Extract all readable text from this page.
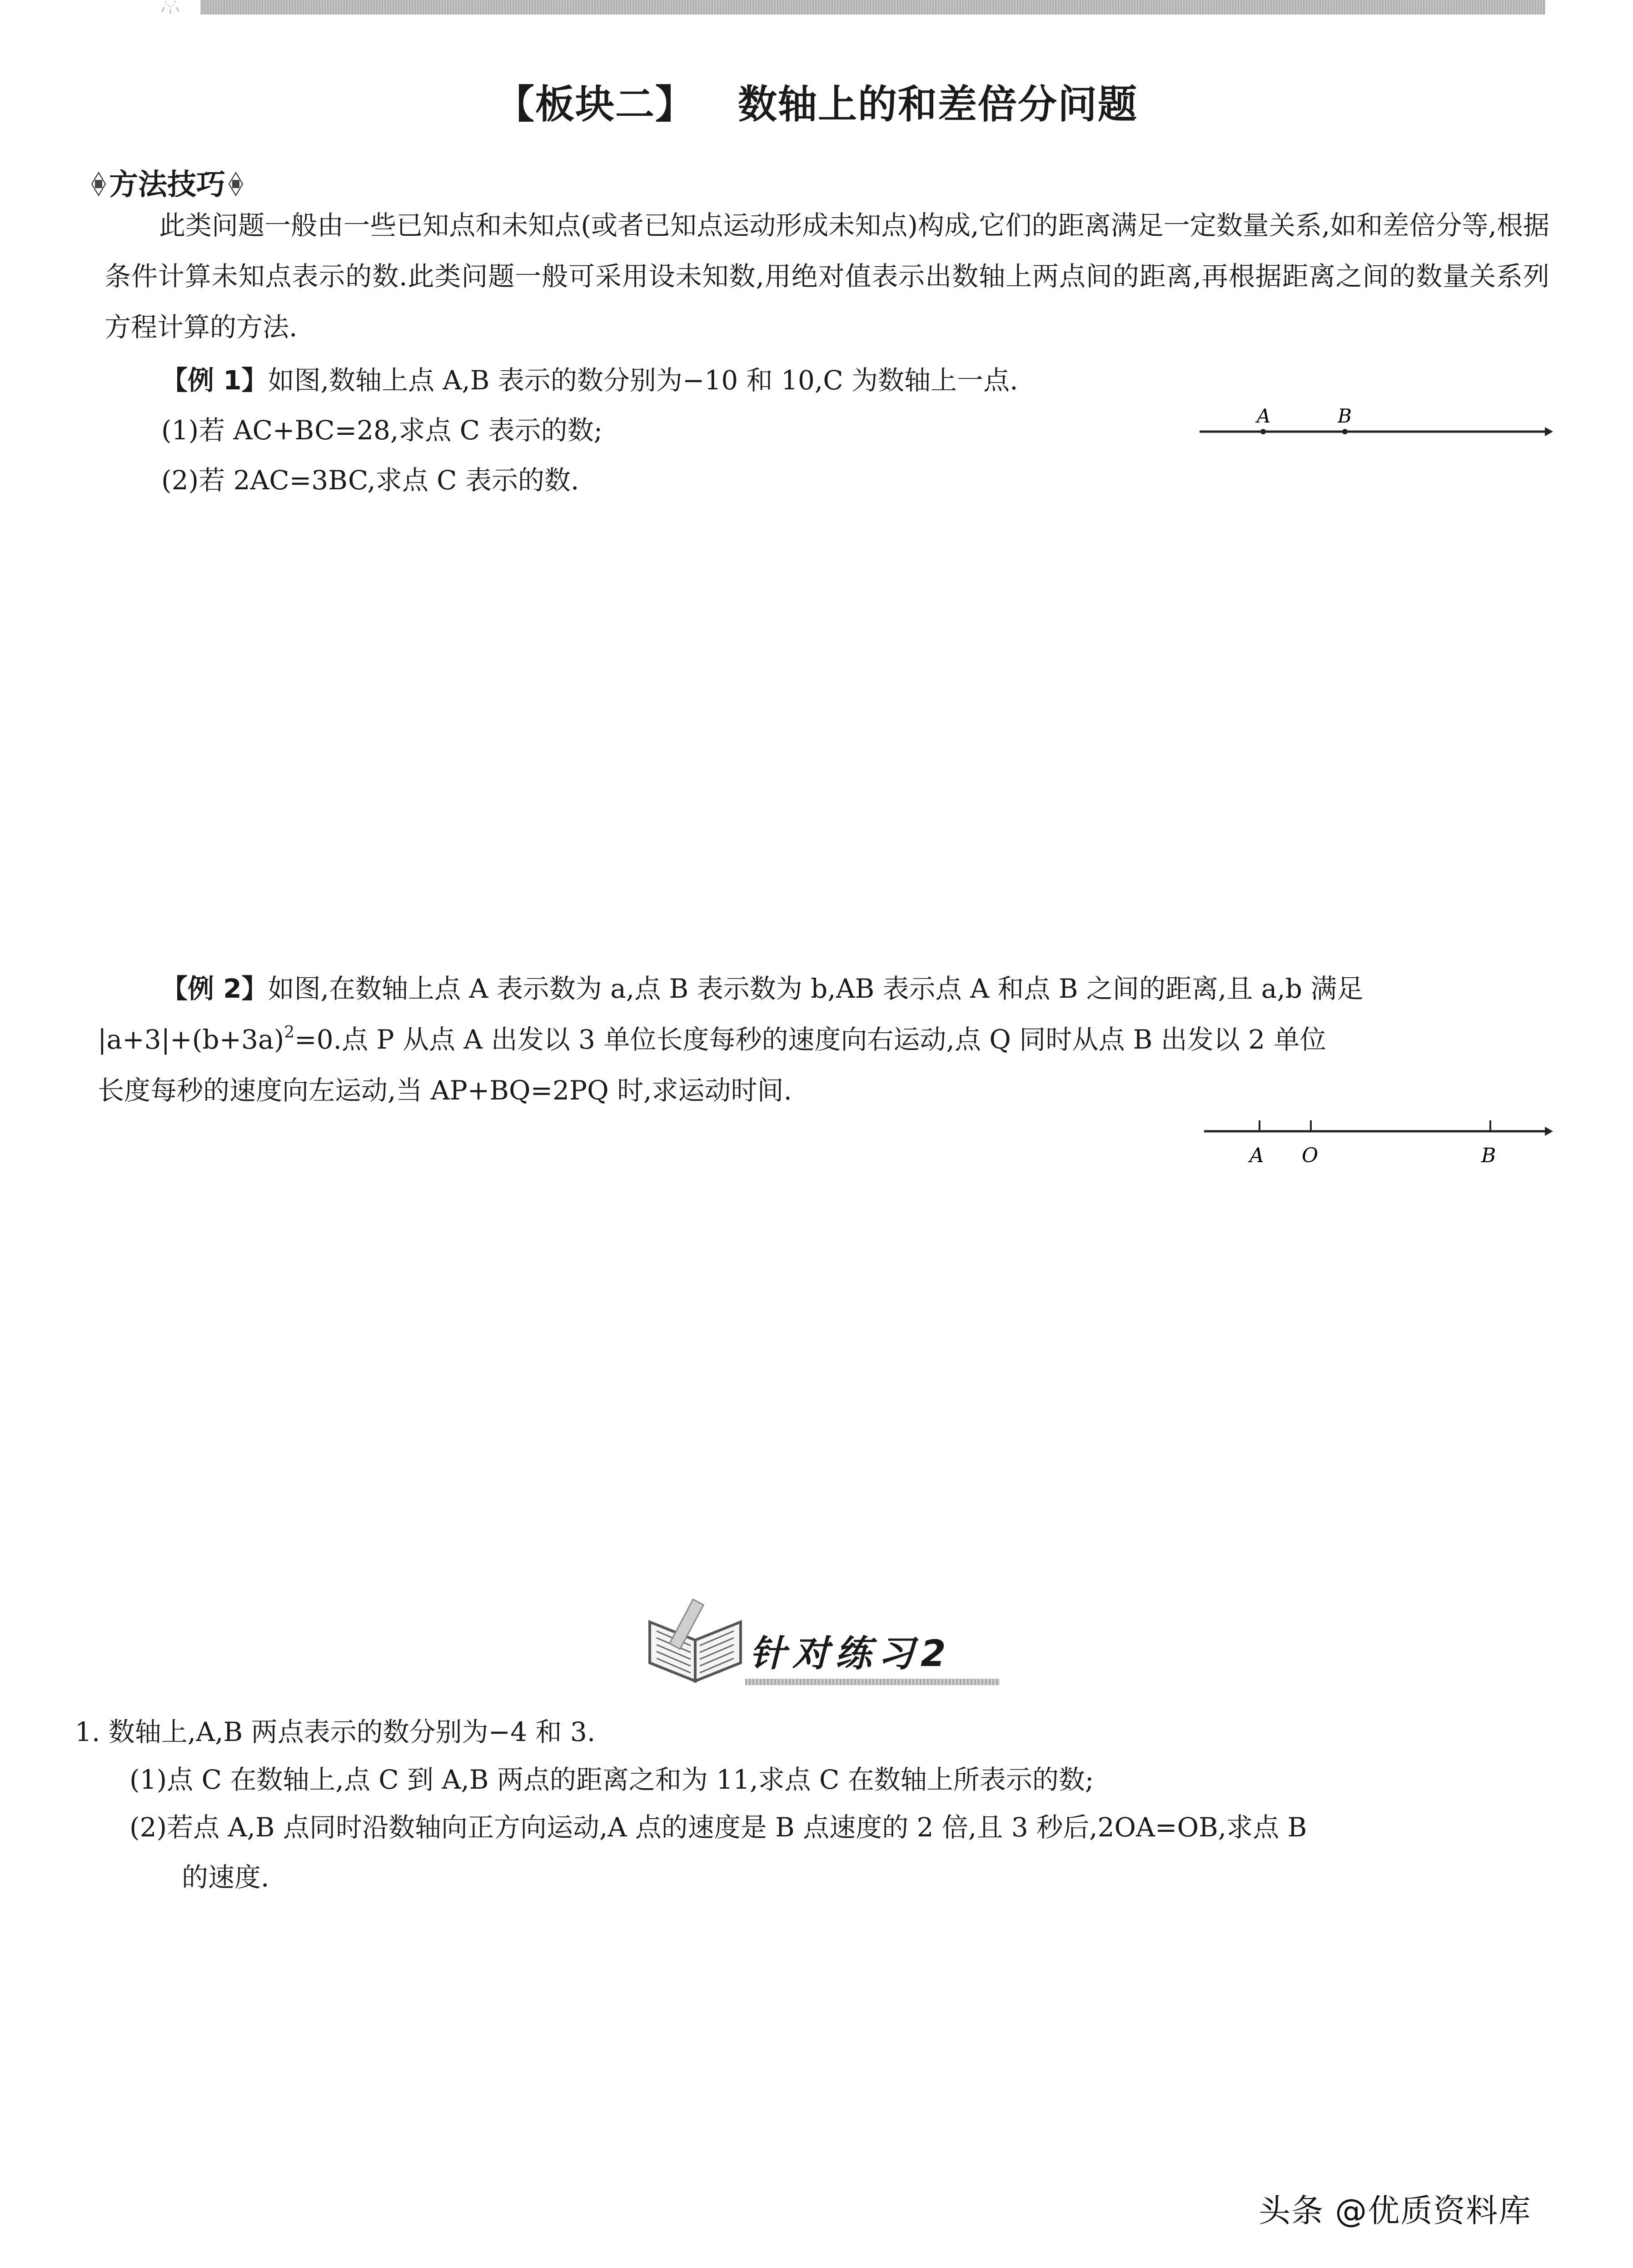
【板块二】 数轴上的和差倍分问题
方法技巧
此类问题一般由一些已知点和未知点(或者已知点运动形成未知点)构成,它们的距离满足一定数量关系,如和差倍分等,根据条件计算未知点表示的数.此类问题一般可采用设未知数,用绝对值表示出数轴上两点间的距离,再根据距离之间的数量关系列方程计算的方法.
【例 1】如图,数轴上点 A,B 表示的数分别为−10 和 10,C 为数轴上一点.
(1)若 AC+BC=28,求点 C 表示的数;
(2)若 2AC=3BC,求点 C 表示的数.
A	B
【例 2】如图,在数轴上点 A 表示数为 a,点 B 表示数为 b,AB 表示点 A 和点 B 之间的距离,且 a,b 满足
$|a+3|+(b+3a)^2=0$.点 P 从点 A 出发以 3 单位长度每秒的速度向右运动,点 Q 同时从点 B 出发以 2 单位
长度每秒的速度向左运动,当 AP+BQ=2PQ 时,求运动时间.
A O	B
针对练习2
1. 数轴上,A,B 两点表示的数分别为−4 和 3.
(1)点 C 在数轴上,点 C 到 A,B 两点的距离之和为 11,求点 C 在数轴上所表示的数;
(2)若点 A,B 点同时沿数轴向正方向运动,A 点的速度是 B 点速度的 2 倍,且 3 秒后,2OA=OB,求点 B
的速度.
头条 @优质资料库
